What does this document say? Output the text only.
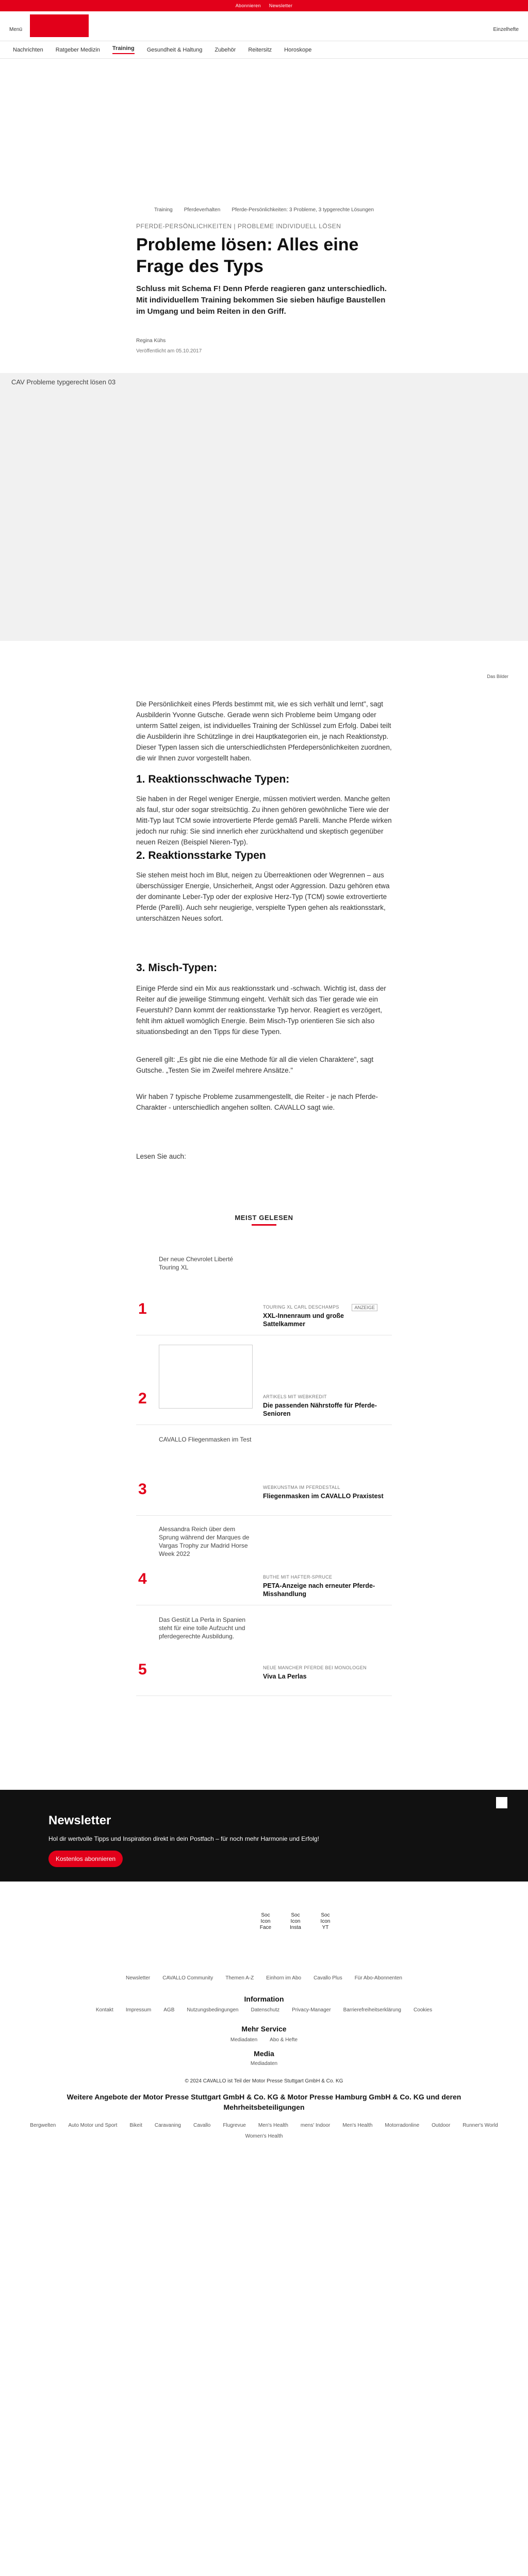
Abonnieren Newsletter
Menü	Einzelhefte
Nachrichten Ratgeber Medizin Training Gesundheit & Haltung Zubehör Reitersitz Horoskope
Training Pferdeverhalten Pferde-Persönlichkeiten: 3 Probleme, 3 typgerechte Lösungen
PFERDE-PERSÖNLICHKEITEN | PROBLEME INDIVIDUELL LÖSEN
Probleme lösen: Alles eine Frage des Typs

Schluss mit Schema F! Denn Pferde reagieren ganz unterschiedlich. Mit individuellem Training bekommen Sie sieben häufige Baustellen im Umgang und beim Reiten in den Griff.

Regina Kühs
Veröffentlicht am 05.10.2017
CAV Probleme typgerecht lösen 03
Das Bilder

Die Persönlichkeit eines Pferds bestimmt mit, wie es sich verhält und lernt", sagt Ausbilderin Yvonne Gutsche. Gerade wenn sich Probleme beim Umgang oder unterm Sattel zeigen, ist individuelles Training der Schlüssel zum Erfolg. Dabei teilt die Ausbilderin ihre Schützlinge in drei Hauptkategorien ein, je nach Reaktionstyp. Dieser Typen lassen sich die unterschiedlichsten Pferdepersönlichkeiten zuordnen, die wir Ihnen zuvor vorgestellt haben.

1. Reaktionsschwache Typen:

Sie haben in der Regel weniger Energie, müssen motiviert werden. Manche gelten als faul, stur oder sogar streitsüchtig. Zu ihnen gehören gewöhnliche Tiere wie der Mitt-Typ laut TCM sowie introvertierte Pferde gemäß Parelli. Manche Pferde wirken jedoch nur ruhig: Sie sind innerlich eher zurückhaltend und skeptisch gegenüber neuen Reizen (Beispiel Nieren-Typ).

2. Reaktionsstarke Typen

Sie stehen meist hoch im Blut, neigen zu Überreaktionen oder Wegrennen – aus überschüssiger Energie, Unsicherheit, Angst oder Aggression. Dazu gehören etwa der dominante Leber-Typ oder der explosive Herz-Typ (TCM) sowie extrovertierte Pferde (Parelli). Auch sehr neugierige, verspielte Typen gehen als reaktionsstark, unterschätzen Neues sofort.

3. Misch-Typen:

Einige Pferde sind ein Mix aus reaktionsstark und -schwach. Wichtig ist, dass der Reiter auf die jeweilige Stimmung eingeht. Verhält sich das Tier gerade wie ein Feuerstuhl? Dann kommt der reaktionsstarke Typ hervor. Reagiert es verzögert, fehlt ihm aktuell womöglich Energie. Beim Misch-Typ orientieren Sie sich also situationsbedingt an den Tipps für diese Typen.

Generell gilt: „Es gibt nie die eine Methode für all die vielen Charaktere", sagt Gutsche. „Testen Sie im Zweifel mehrere Ansätze."

Wir haben 7 typische Probleme zusammengestellt, die Reiter - je nach Pferde-Charakter - unterschiedlich angehen sollten. CAVALLO sagt wie.

Lesen Sie auch:

MEIST GELESEN
1
Der neue Chevrolet Liberté Touring XL
TOURING XL CARL DESCHAMPS	ANZEIGE
XXL-Innenraum und große Sattelkammer
2	ARTIKELS MIT WEBKREDIT
Die passenden Nährstoffe für Pferde-Senioren
3
CAVALLO Fliegenmasken im Test
WEBKUNSTMA IM PFERDESTALL
Fliegenmasken im CAVALLO Praxistest
4
Alessandra Reich über dem Sprung während der Marques de Vargas Trophy zur Madrid Horse Week 2022
BUTHE MIT HAFTER-SPRUCE
PETA-Anzeige nach erneuter Pferde-Misshandlung
5
Das Gestüt La Perla in Spanien steht für eine tolle Aufzucht und pferdegerechte Ausbildung.
NEUE MANCHER PFERDE BEI MONOLOGEN
Viva La Perlas
Newsletter
Hol dir wertvolle Tipps und Inspiration direkt in dein Postfach – für noch mehr Harmonie und Erfolg!
Kostenlos abonnieren
Soc Icon Face
Soc Icon Insta
Soc Icon YT
Newsletter CAVALLO Community Themen A-Z Einhorn im Abo Cavallo Plus Für Abo-Abonnenten
Information
Kontakt Impressum AGB Nutzungsbedingungen Datenschutz Privacy-Manager Barrierefreiheitserklärung Cookies
Mehr Service
Mediadaten Abo & Hefte
Media
Mediadaten
© 2024 CAVALLO ist Teil der Motor Presse Stuttgart GmbH & Co. KG
Weitere Angebote der Motor Presse Stuttgart GmbH & Co. KG & Motor Presse Hamburg GmbH & Co. KG und deren Mehrheitsbeteiligungen
Bergwelten Auto Motor und Sport Bikeit Caravaning Cavallo Flugrevue Men's Health mens' Indoor Men's Health Motorradonline Outdoor Runner's World
Women's Health
